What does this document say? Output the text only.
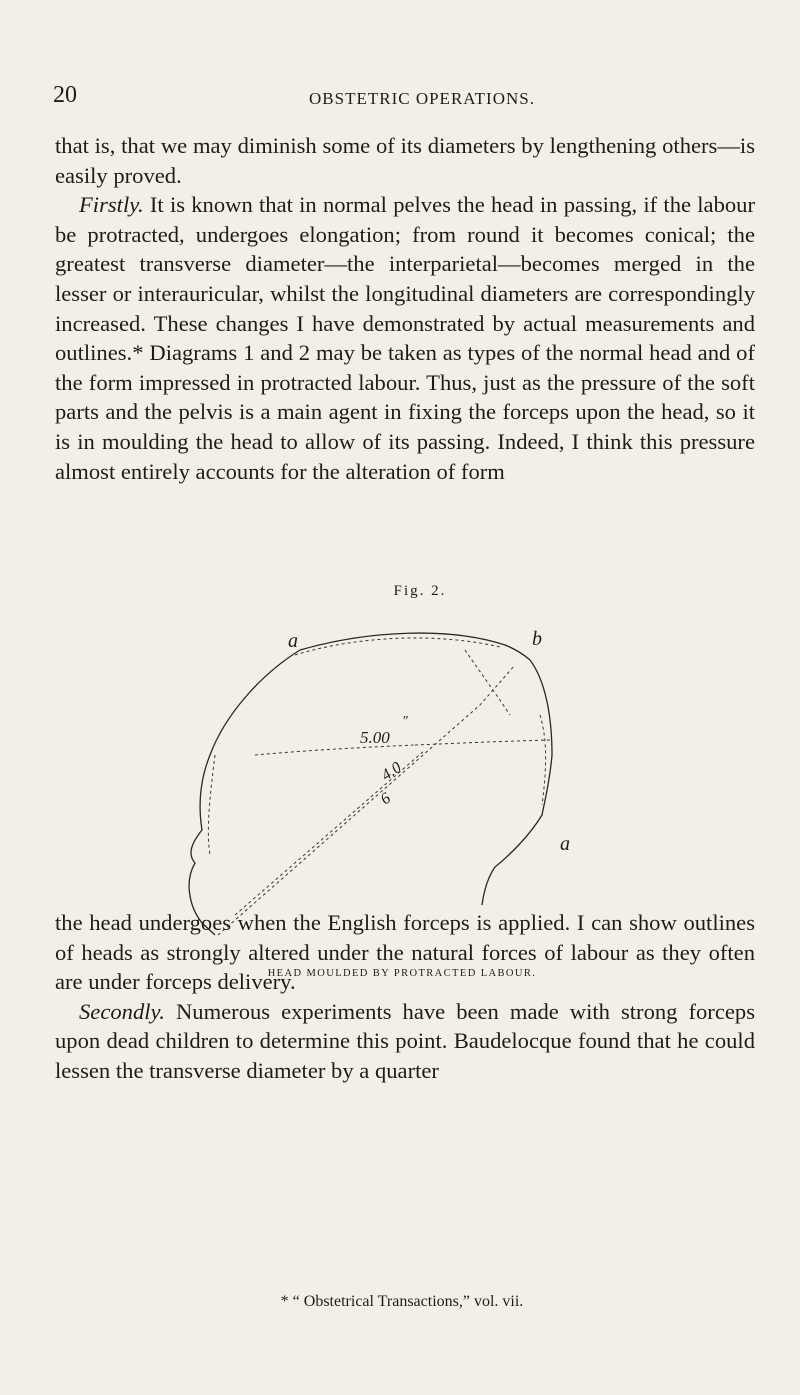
20	OBSTETRIC OPERATIONS.

that is, that we may diminish some of its diameters by lengthening others—is easily proved.

Firstly. It is known that in normal pelves the head in passing, if the labour be protracted, undergoes elongation; from round it becomes conical; the greatest transverse diameter—the interparietal—becomes merged in the lesser or interauricular, whilst the longitudinal diameters are correspondingly increased. These changes I have demonstrated by actual measurements and outlines.* Diagrams 1 and 2 may be taken as types of the normal head and of the form impressed in protracted labour. Thus, just as the pressure of the soft parts and the pelvis is a main agent in fixing the forceps upon the head, so it is in moulding the head to allow of its passing. Indeed, I think this pressure almost entirely accounts for the alteration of form

Fig. 2.
a	b
a
5.00
″
4.0
6
HEAD MOULDED BY PROTRACTED LABOUR.

the head undergoes when the English forceps is applied. I can show outlines of heads as strongly altered under the natural forces of labour as they often are under forceps delivery.

Secondly. Numerous experiments have been made with strong forceps upon dead children to determine this point. Baudelocque found that he could lessen the transverse diameter by a quarter

* “ Obstetrical Transactions,” vol. vii.
